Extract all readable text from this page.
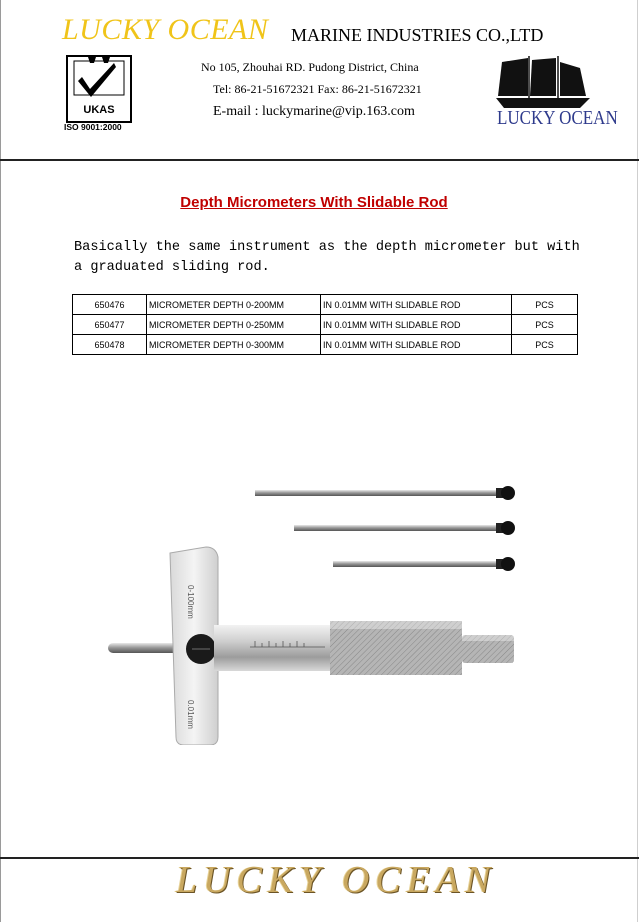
LUCKY OCEAN MARINE INDUSTRIES CO.,LTD
No 105, Zhouhai RD. Pudong District, China
Tel: 86-21-51672321 Fax: 86-21-51672321
E-mail : luckymarine@vip.163.com
UKAS
ISO 9001:2000	LUCKY OCEAN
Depth Micrometers With Slidable Rod
Basically the same instrument as the depth micrometer but with
a graduated sliding rod.
650476	MICROMETER DEPTH 0-200MM	IN 0.01MM WITH SLIDABLE ROD	PCS
650477	MICROMETER DEPTH 0-250MM	IN 0.01MM WITH SLIDABLE ROD	PCS
650478	MICROMETER DEPTH 0-300MM	IN 0.01MM WITH SLIDABLE ROD	PCS
0-100mm
0.01mm
LUCKY OCEAN
